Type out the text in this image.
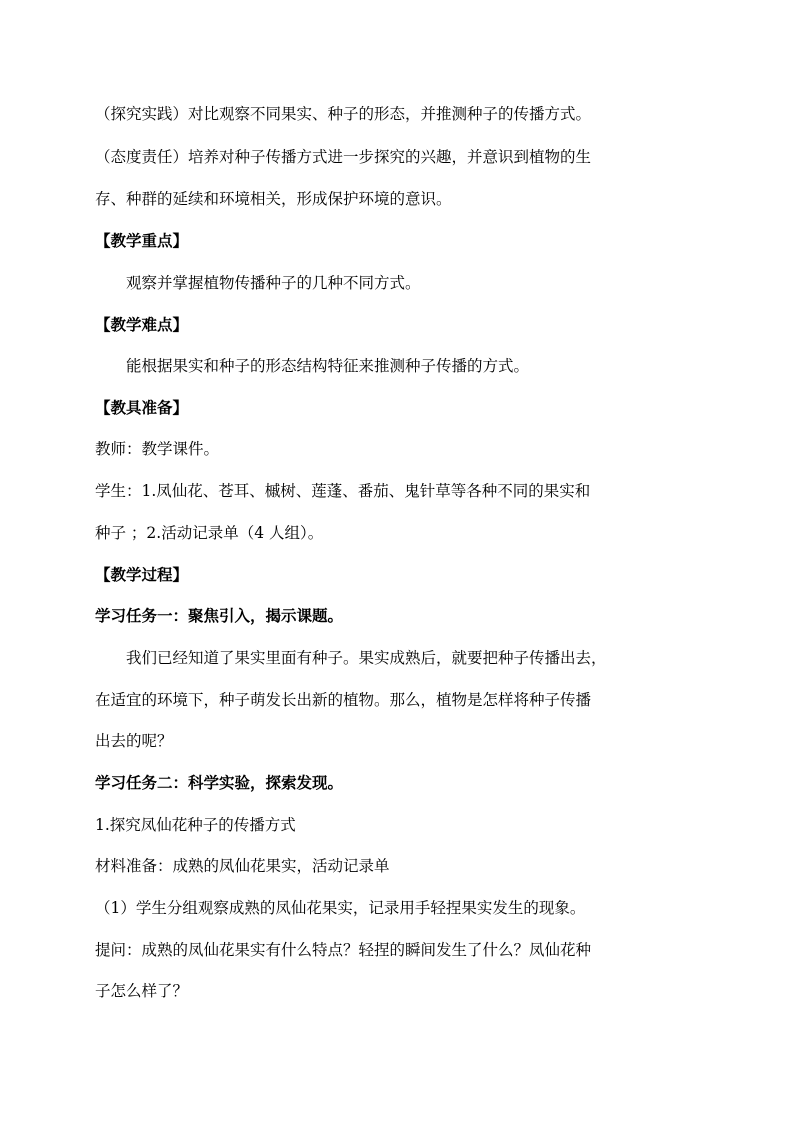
（探究实践）对比观察不同果实、种子的形态，并推测种子的传播方式。
（态度责任）培养对种子传播方式进一步探究的兴趣，并意识到植物的生
存、种群的延续和环境相关，形成保护环境的意识。
【教学重点】
观察并掌握植物传播种子的几种不同方式。
【教学难点】
能根据果实和种子的形态结构特征来推测种子传播的方式。
【教具准备】
教师：教学课件。
学生：1.凤仙花、苍耳、槭树、莲蓬、番茄、鬼针草等各种不同的果实和
种子 ；2.活动记录单（4 人组）。
【教学过程】
学习任务一：聚焦引入，揭示课题。
我们已经知道了果实里面有种子。果实成熟后，就要把种子传播出去，
在适宜的环境下，种子萌发长出新的植物。那么，植物是怎样将种子传播
出去的呢？
学习任务二：科学实验，探索发现。
1.探究凤仙花种子的传播方式
材料准备：成熟的凤仙花果实，活动记录单
（1）学生分组观察成熟的凤仙花果实，记录用手轻捏果实发生的现象。
提问：成熟的凤仙花果实有什么特点？轻捏的瞬间发生了什么？凤仙花种
子怎么样了？
